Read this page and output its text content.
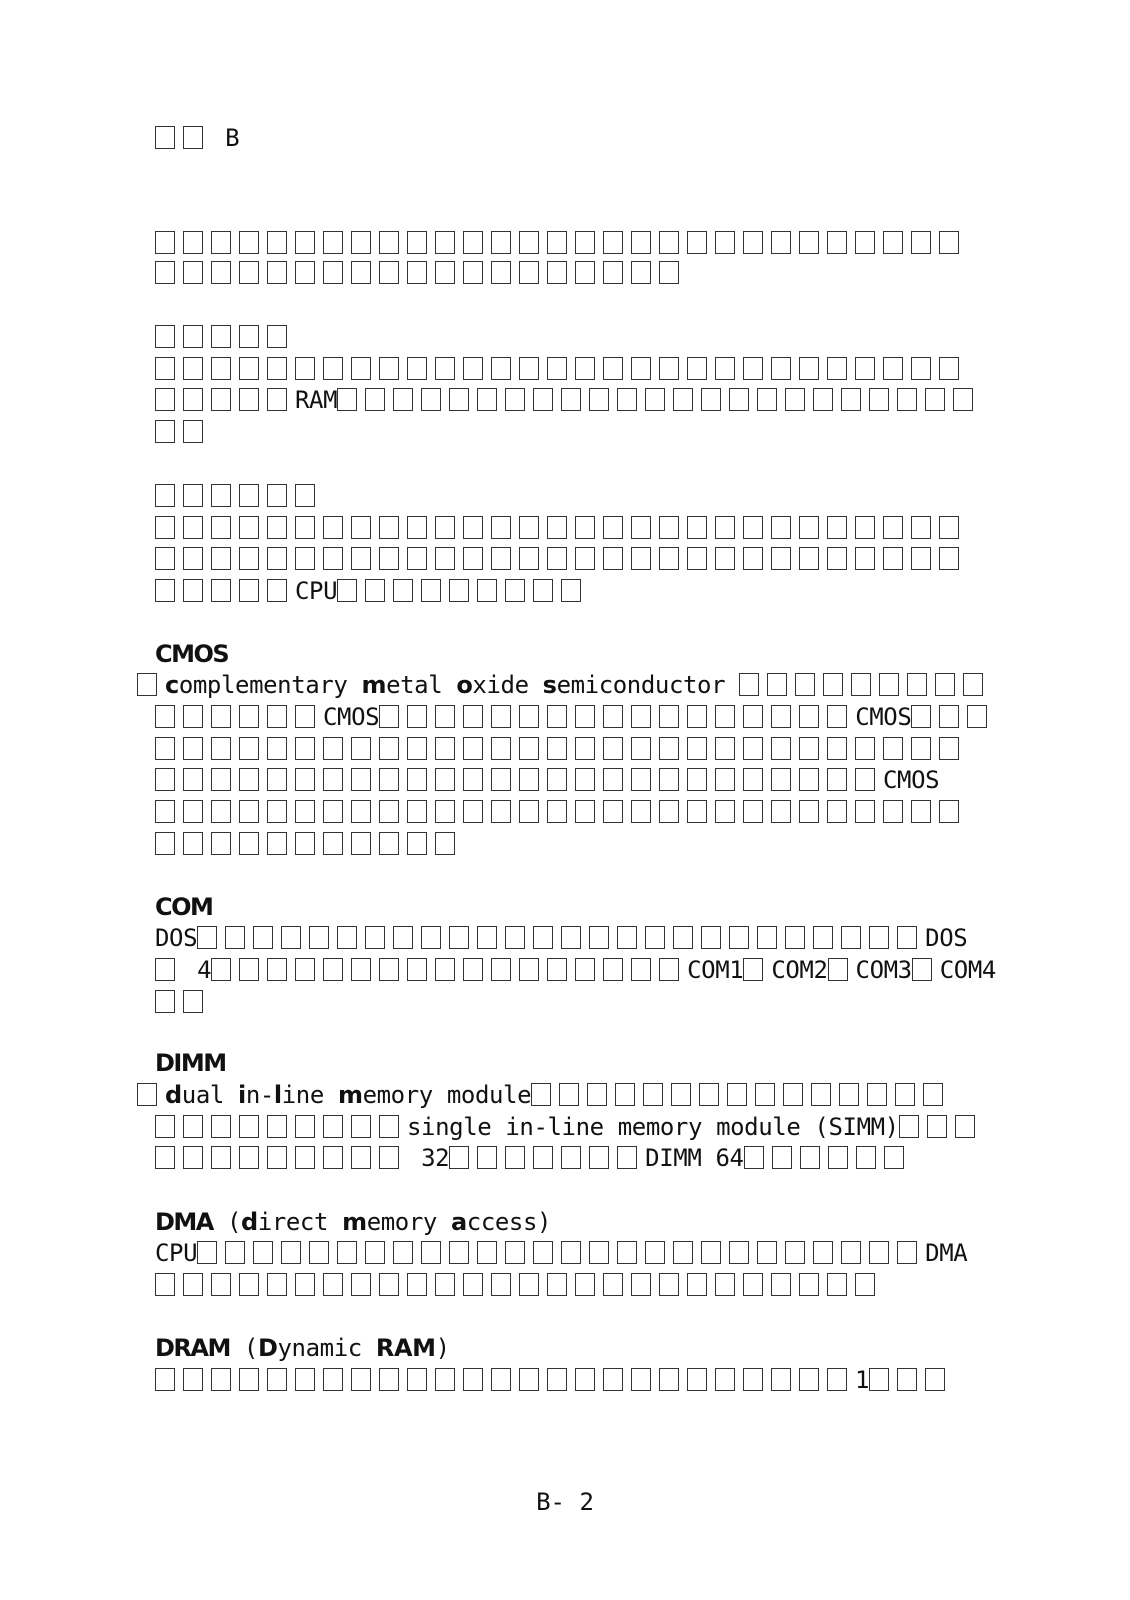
B
RAM
CPU
CMOS
complementary metal oxide semiconductor
CMOS	CMOS
CMOS
COM
DOS	DOS
4	COM1 COM2 COM3 COM4
DIMM
dual in-line memory module
single in-line memory module (SIMM)
32	DIMM 64
DMA (direct memory access)
CPU	DMA
DRAM (Dynamic RAM)
1
B- 2
